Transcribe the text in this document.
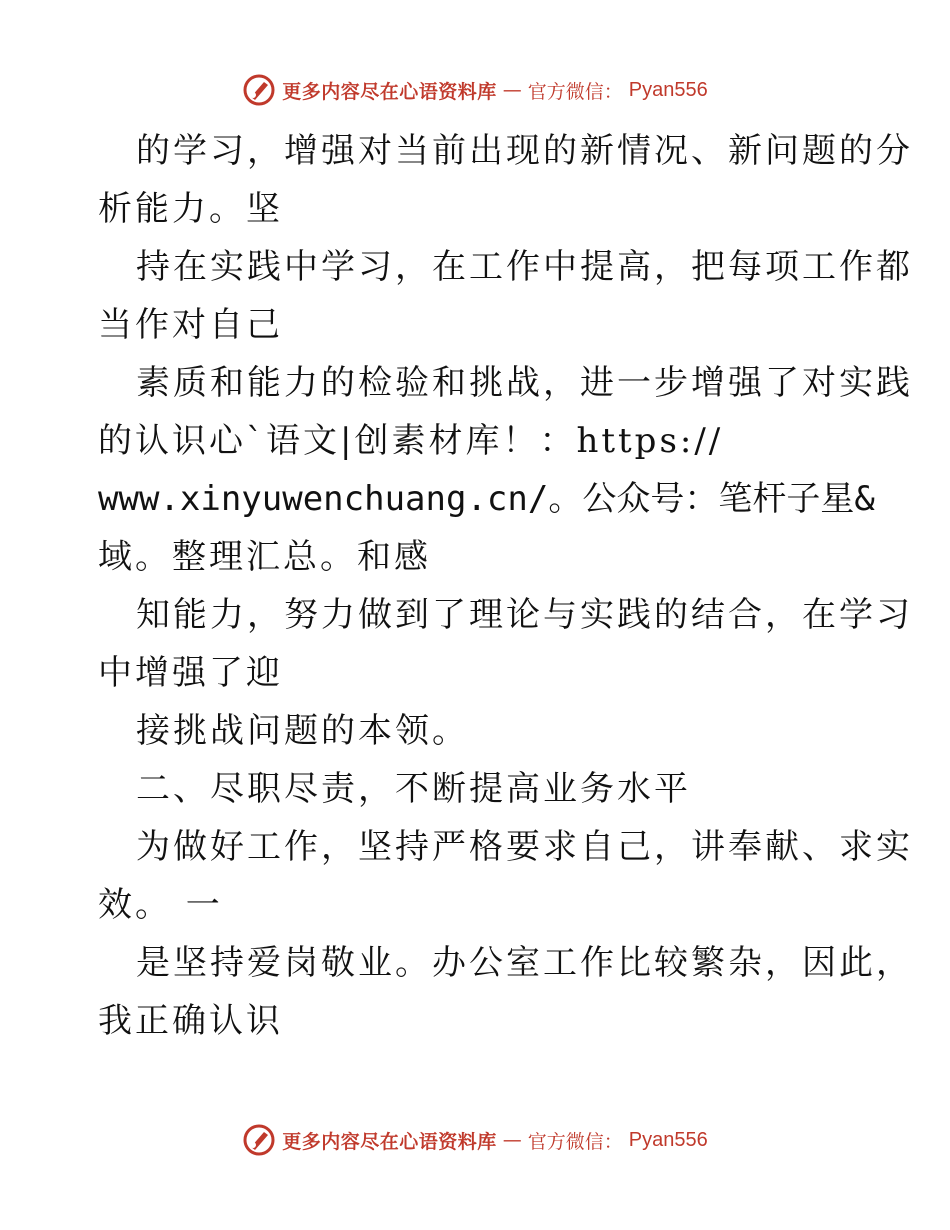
更多内容尽在心语资料库 — 官方微信： Pyan556
的学习，增强对当前出现的新情况、新问题的分
析能力。坚
持在实践中学习，在工作中提高，把每项工作都
当作对自己
素质和能力的检验和挑战，进一步增强了对实践
的认识心`语文|创素材库！：https://
www.xinyuwenchuang.cn/。公众号：笔杆子星&
域。整理汇总。和感
知能力，努力做到了理论与实践的结合，在学习
中增强了迎
接挑战问题的本领。
二、尽职尽责，不断提高业务水平
为做好工作，坚持严格要求自己，讲奉献、求实
效。 一
是坚持爱岗敬业。办公室工作比较繁杂，因此，
我正确认识
更多内容尽在心语资料库 — 官方微信： Pyan556
